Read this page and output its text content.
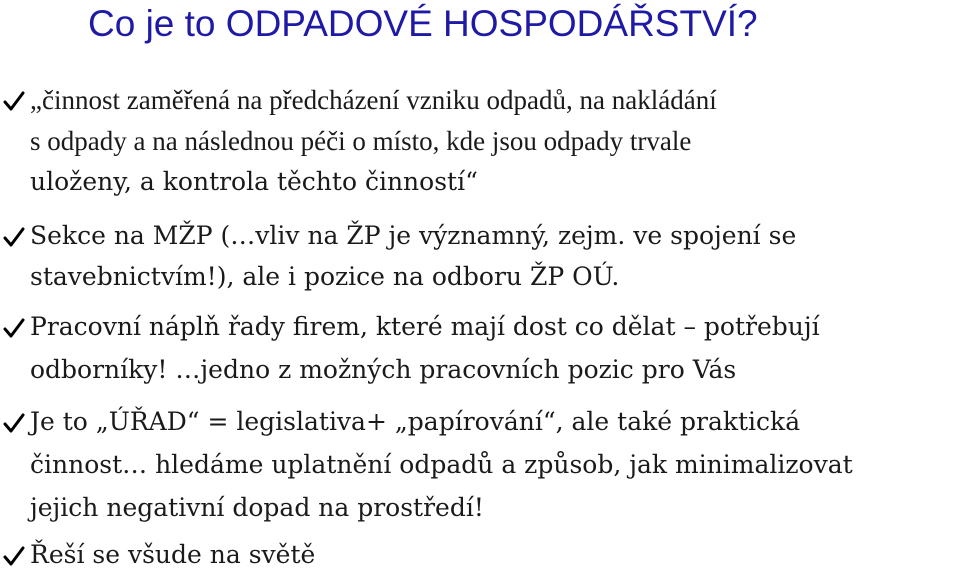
Co je to ODPADOVÉ HOSPODÁŘSTVÍ?
„činnost zaměřená na předcházení vzniku odpadů, na nakládání
s odpady a na následnou péči o místo, kde jsou odpady trvale
uloženy, a kontrola těchto činností“
Sekce na MŽP (…vliv na ŽP je významný, zejm. ve spojení se
stavebnictvím!), ale i pozice na odboru ŽP OÚ.
Pracovní náplň řady firem, které mají dost co dělat – potřebují
odborníky! …jedno z možných pracovních pozic pro Vás
Je to „ÚŘAD“ = legislativa+ „papírování“, ale také praktická
činnost… hledáme uplatnění odpadů a způsob, jak minimalizovat
jejich negativní dopad na prostředí!
Řeší se všude na světě
